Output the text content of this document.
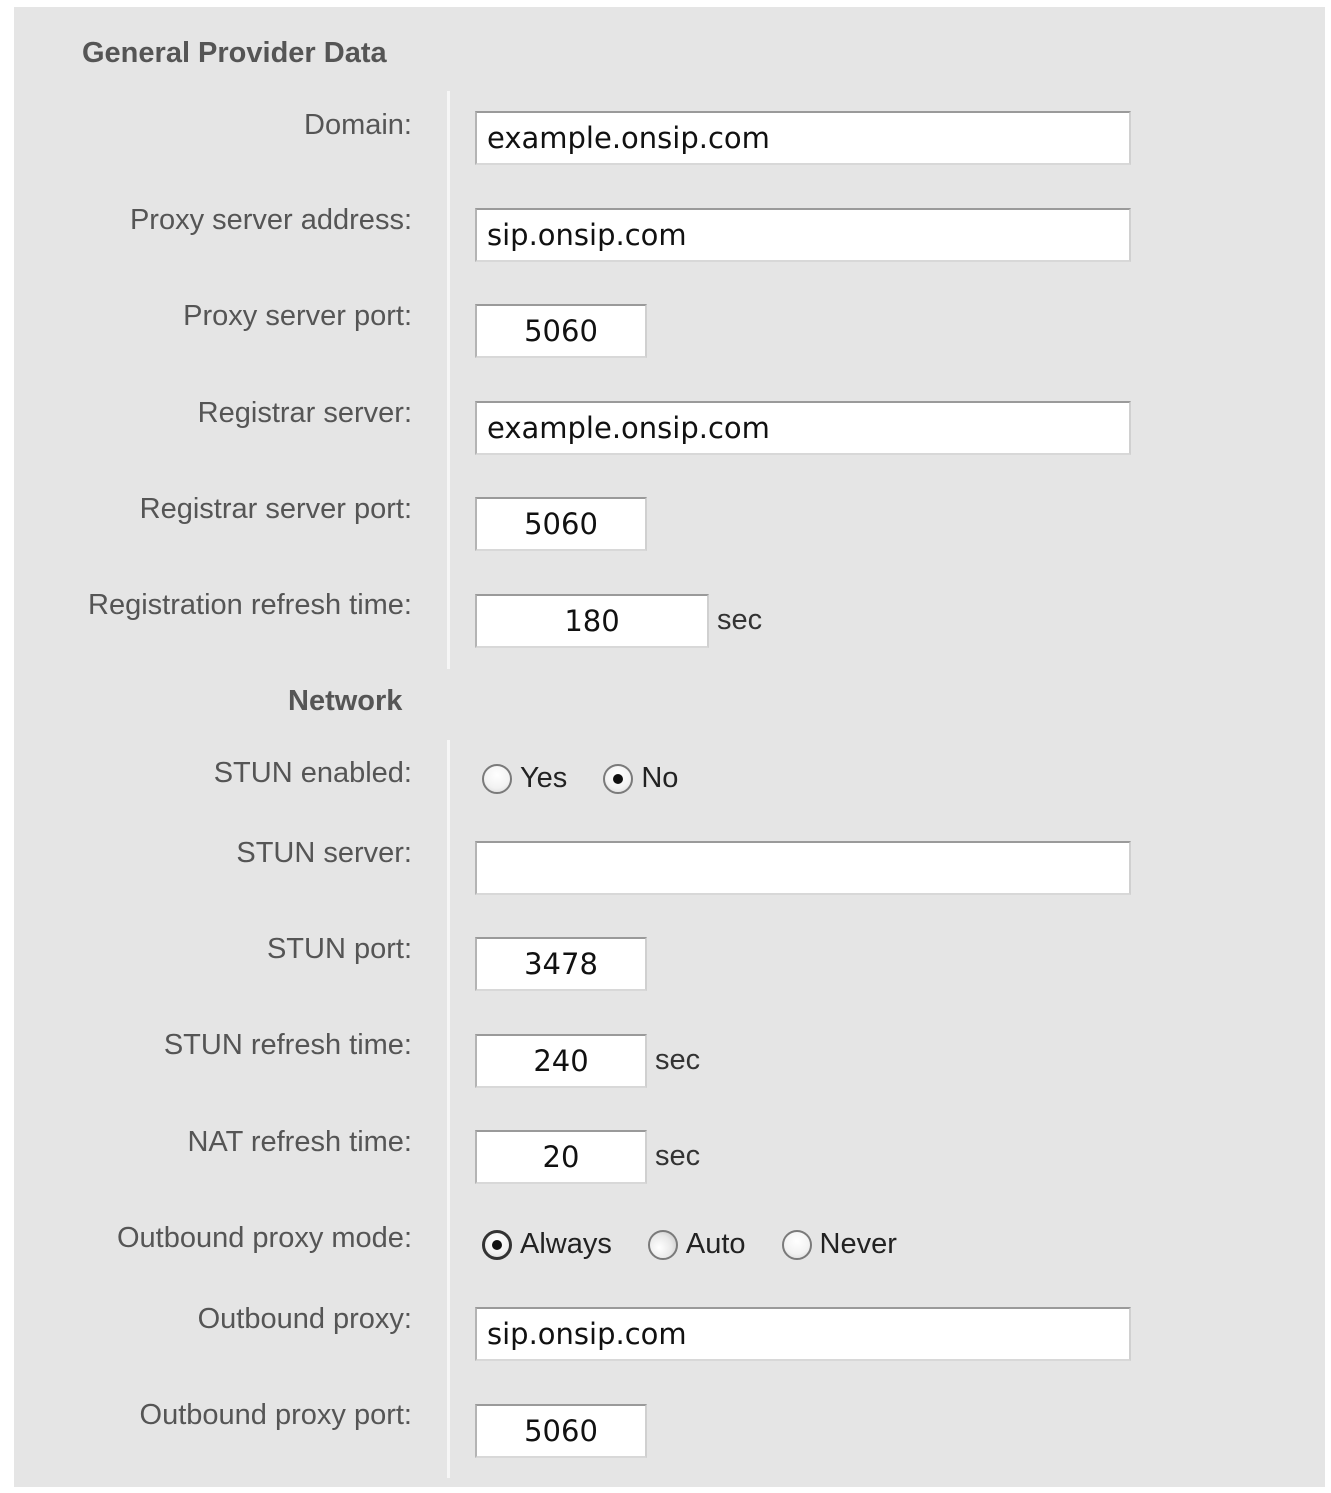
General Provider Data
Domain:	example.onsip.com
Proxy server address:	sip.onsip.com
Proxy server port:	5060
Registrar server:	example.onsip.com
Registrar server port:	5060
Registration refresh time:	180	sec
Network
STUN enabled:	Yes	No
STUN server:
STUN port:	3478
STUN refresh time:	240	sec
NAT refresh time:	20	sec
Outbound proxy mode:	Always	Auto	Never
Outbound proxy:	sip.onsip.com
Outbound proxy port:	5060
